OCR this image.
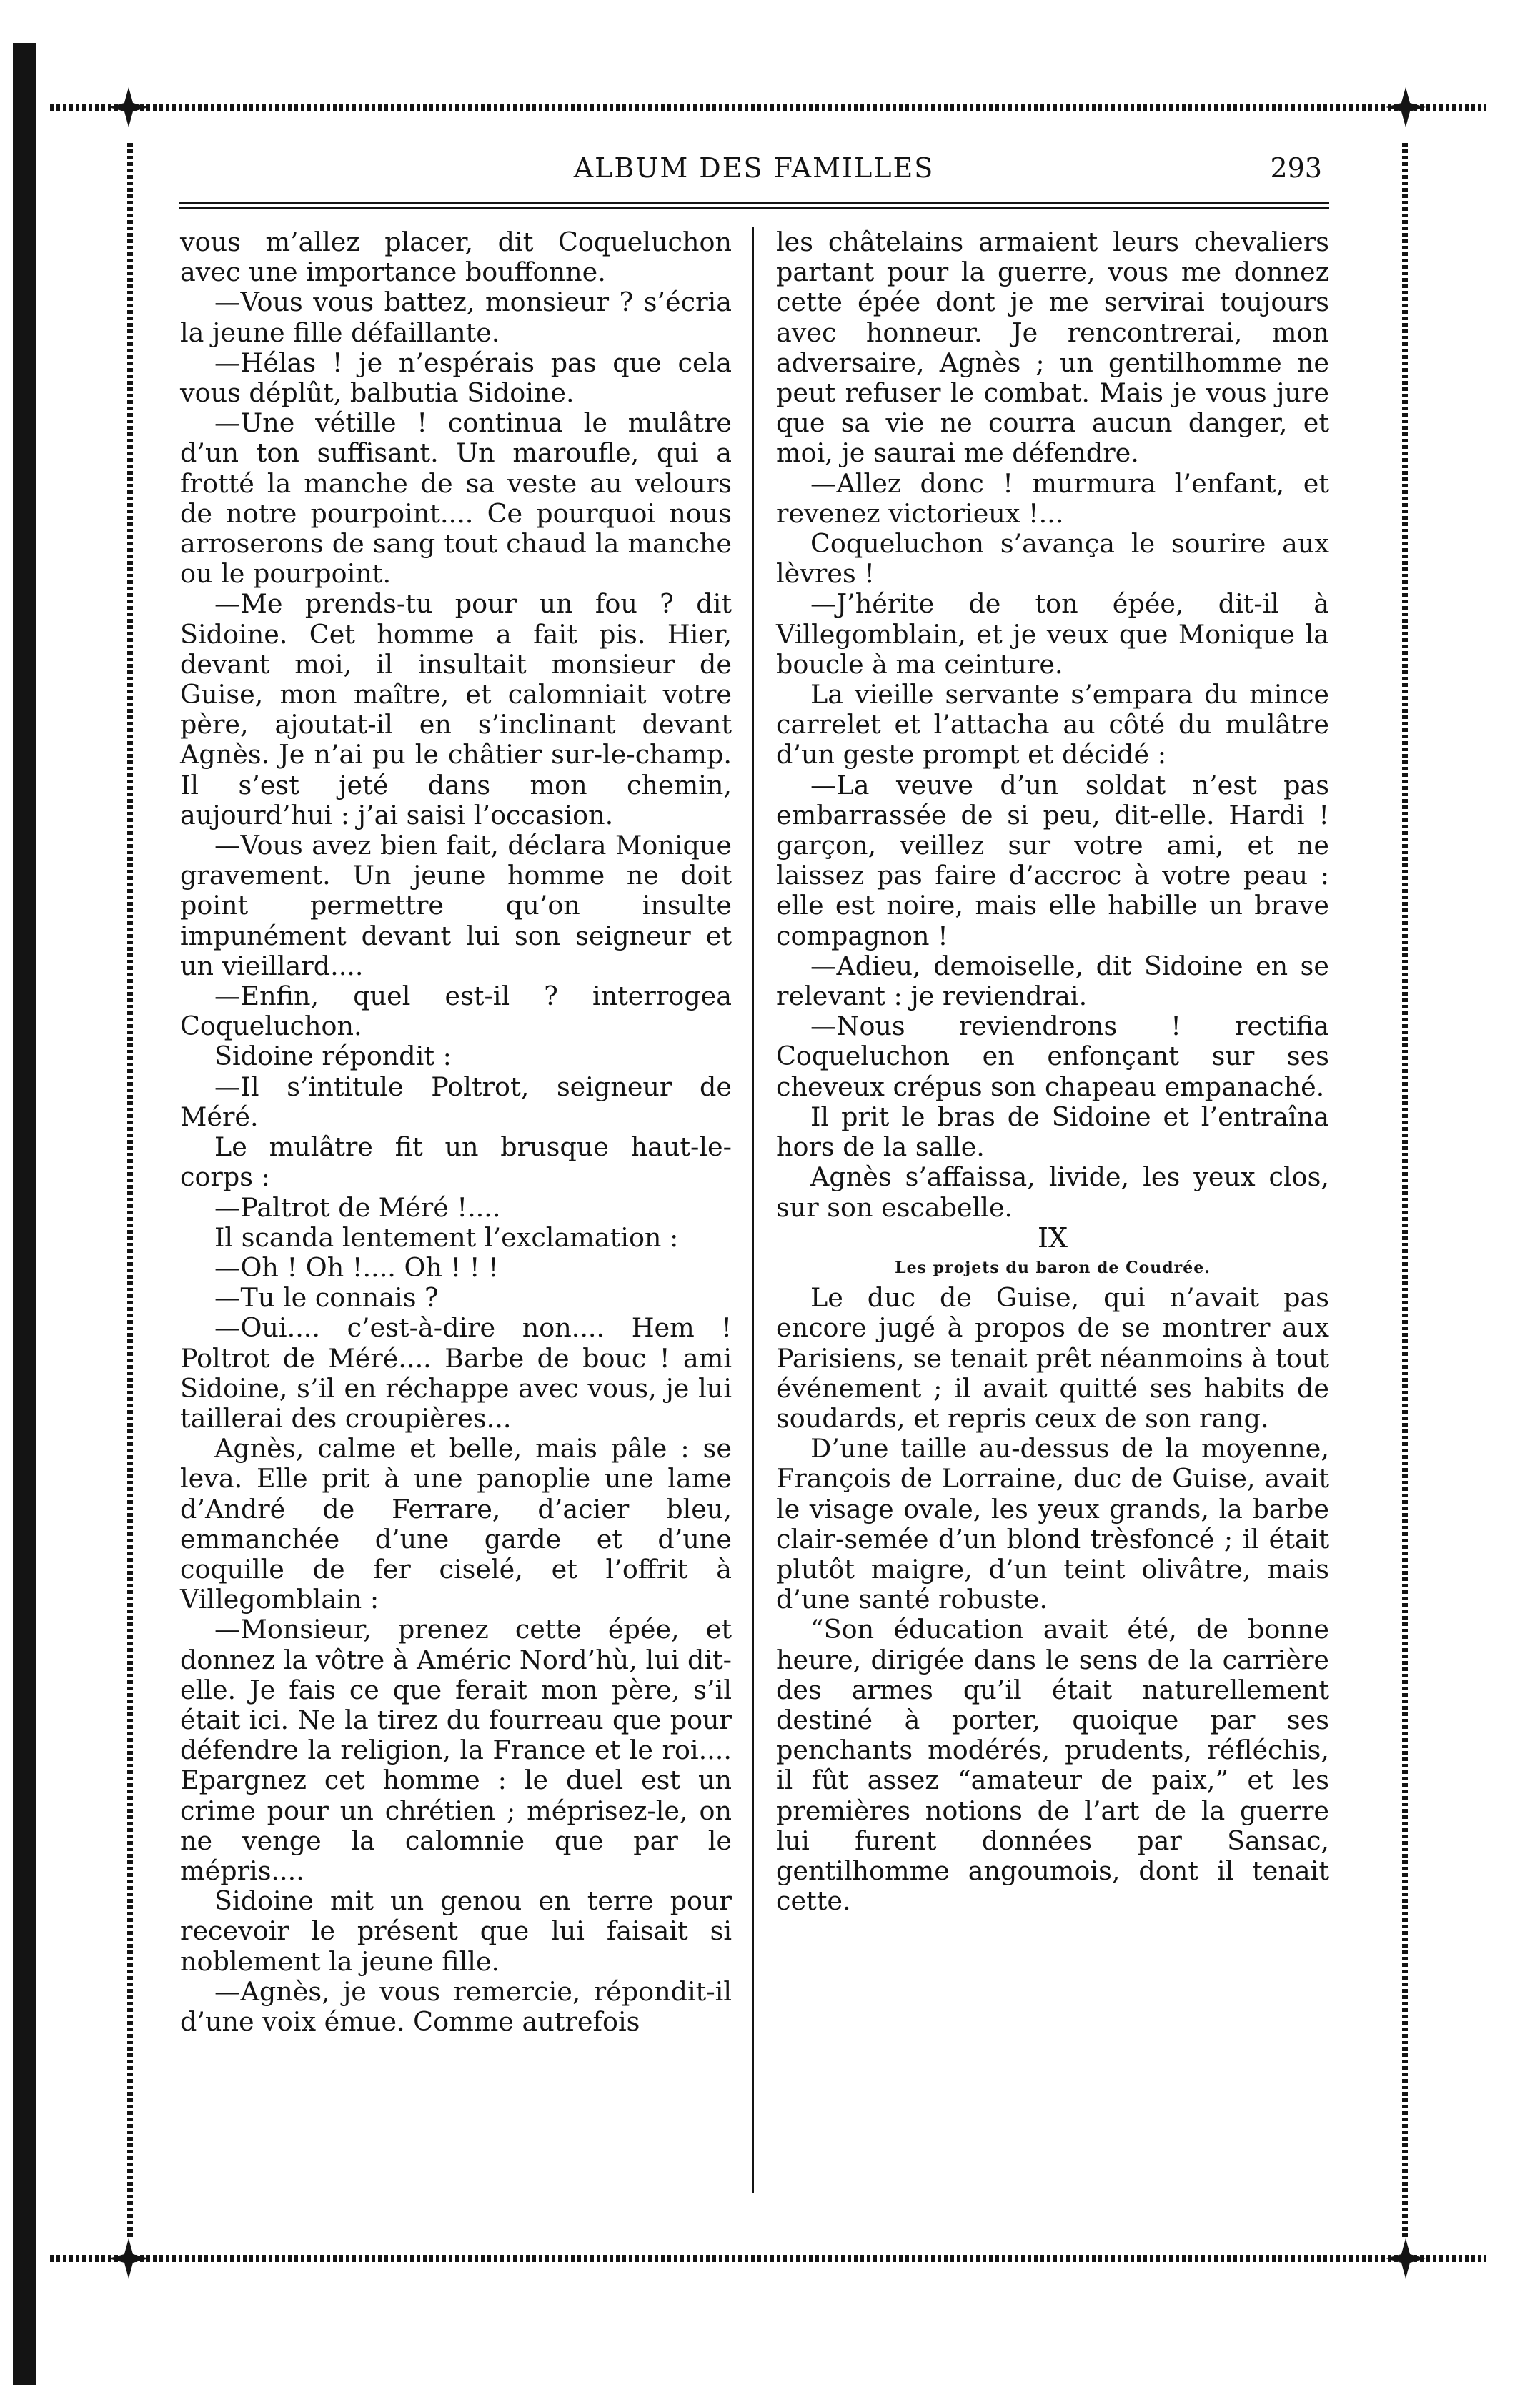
ALBUM DES FAMILLES	293

vous m’allez placer, dit Coqueluchon avec une importance bouffonne.

—Vous vous battez, monsieur ? s’écria la jeune fille défaillante.

—Hélas ! je n’espérais pas que cela vous déplût, balbutia Sidoine.

—Une vétille ! continua le mulâtre d’un ton suffisant. Un maroufle, qui a frotté la manche de sa veste au velours de notre pourpoint.... Ce pourquoi nous arroserons de sang tout chaud la manche ou le pourpoint.

—Me prends-tu pour un fou ? dit Sidoine. Cet homme a fait pis. Hier, devant moi, il insultait monsieur de Guise, mon maître, et calomniait votre père, ajoutat-il en s’inclinant devant Agnès. Je n’ai pu le châtier sur-le-champ. Il s’est jeté dans mon chemin, aujourd’hui : j’ai saisi l’occasion.

—Vous avez bien fait, déclara Monique gravement. Un jeune homme ne doit point permettre qu’on insulte impunément devant lui son seigneur et un vieillard....

—Enfin, quel est-il ? interrogea Coqueluchon.

Sidoine répondit :

—Il s’intitule Poltrot, seigneur de Méré.

Le mulâtre fit un brusque haut-le-corps :

—Paltrot de Méré !....

Il scanda lentement l’exclamation :

—Oh ! Oh !.... Oh ! ! !

—Tu le connais ?

—Oui.... c’est-à-dire non.... Hem ! Poltrot de Méré.... Barbe de bouc ! ami Sidoine, s’il en réchappe avec vous, je lui taillerai des croupières...

Agnès, calme et belle, mais pâle : se leva. Elle prit à une panoplie une lame d’André de Ferrare, d’acier bleu, emmanchée d’une garde et d’une coquille de fer ciselé, et l’offrit à Villegomblain :

—Monsieur, prenez cette épée, et donnez la vôtre à Améric Nord’hù, lui dit-elle. Je fais ce que ferait mon père, s’il était ici. Ne la tirez du fourreau que pour défendre la religion, la France et le roi.... Epargnez cet homme : le duel est un crime pour un chrétien ; méprisez-le, on ne venge la calomnie que par le mépris....

Sidoine mit un genou en terre pour recevoir le présent que lui faisait si noblement la jeune fille.

—Agnès, je vous remercie, répondit-il d’une voix émue. Comme autrefois

les châtelains armaient leurs chevaliers partant pour la guerre, vous me donnez cette épée dont je me servirai toujours avec honneur. Je rencontrerai, mon adversaire, Agnès ; un gentilhomme ne peut refuser le combat. Mais je vous jure que sa vie ne courra aucun danger, et moi, je saurai me défendre.

—Allez donc ! murmura l’enfant, et revenez victorieux !...

Coqueluchon s’avança le sourire aux lèvres !

—J’hérite de ton épée, dit-il à Villegomblain, et je veux que Monique la boucle à ma ceinture.

La vieille servante s’empara du mince carrelet et l’attacha au côté du mulâtre d’un geste prompt et décidé :

—La veuve d’un soldat n’est pas embarrassée de si peu, dit-elle. Hardi ! garçon, veillez sur votre ami, et ne laissez pas faire d’accroc à votre peau : elle est noire, mais elle habille un brave compagnon !

—Adieu, demoiselle, dit Sidoine en se relevant : je reviendrai.

—Nous reviendrons ! rectifia Coqueluchon en enfonçant sur ses cheveux crépus son chapeau empanaché.

Il prit le bras de Sidoine et l’entraîna hors de la salle.

Agnès s’affaissa, livide, les yeux clos, sur son escabelle.

IX

Les projets du baron de Coudrée.

Le duc de Guise, qui n’avait pas encore jugé à propos de se montrer aux Parisiens, se tenait prêt néanmoins à tout événement ; il avait quitté ses habits de soudards, et repris ceux de son rang.

D’une taille au-dessus de la moyenne, François de Lorraine, duc de Guise, avait le visage ovale, les yeux grands, la barbe clair-semée d’un blond trèsfoncé ; il était plutôt maigre, d’un teint olivâtre, mais d’une santé robuste.

“Son éducation avait été, de bonne heure, dirigée dans le sens de la carrière des armes qu’il était naturellement destiné à porter, quoique par ses penchants modérés, prudents, réfléchis, il fût assez “amateur de paix,” et les premières notions de l’art de la guerre lui furent données par Sansac, gentilhomme angoumois, dont il tenait cette.
